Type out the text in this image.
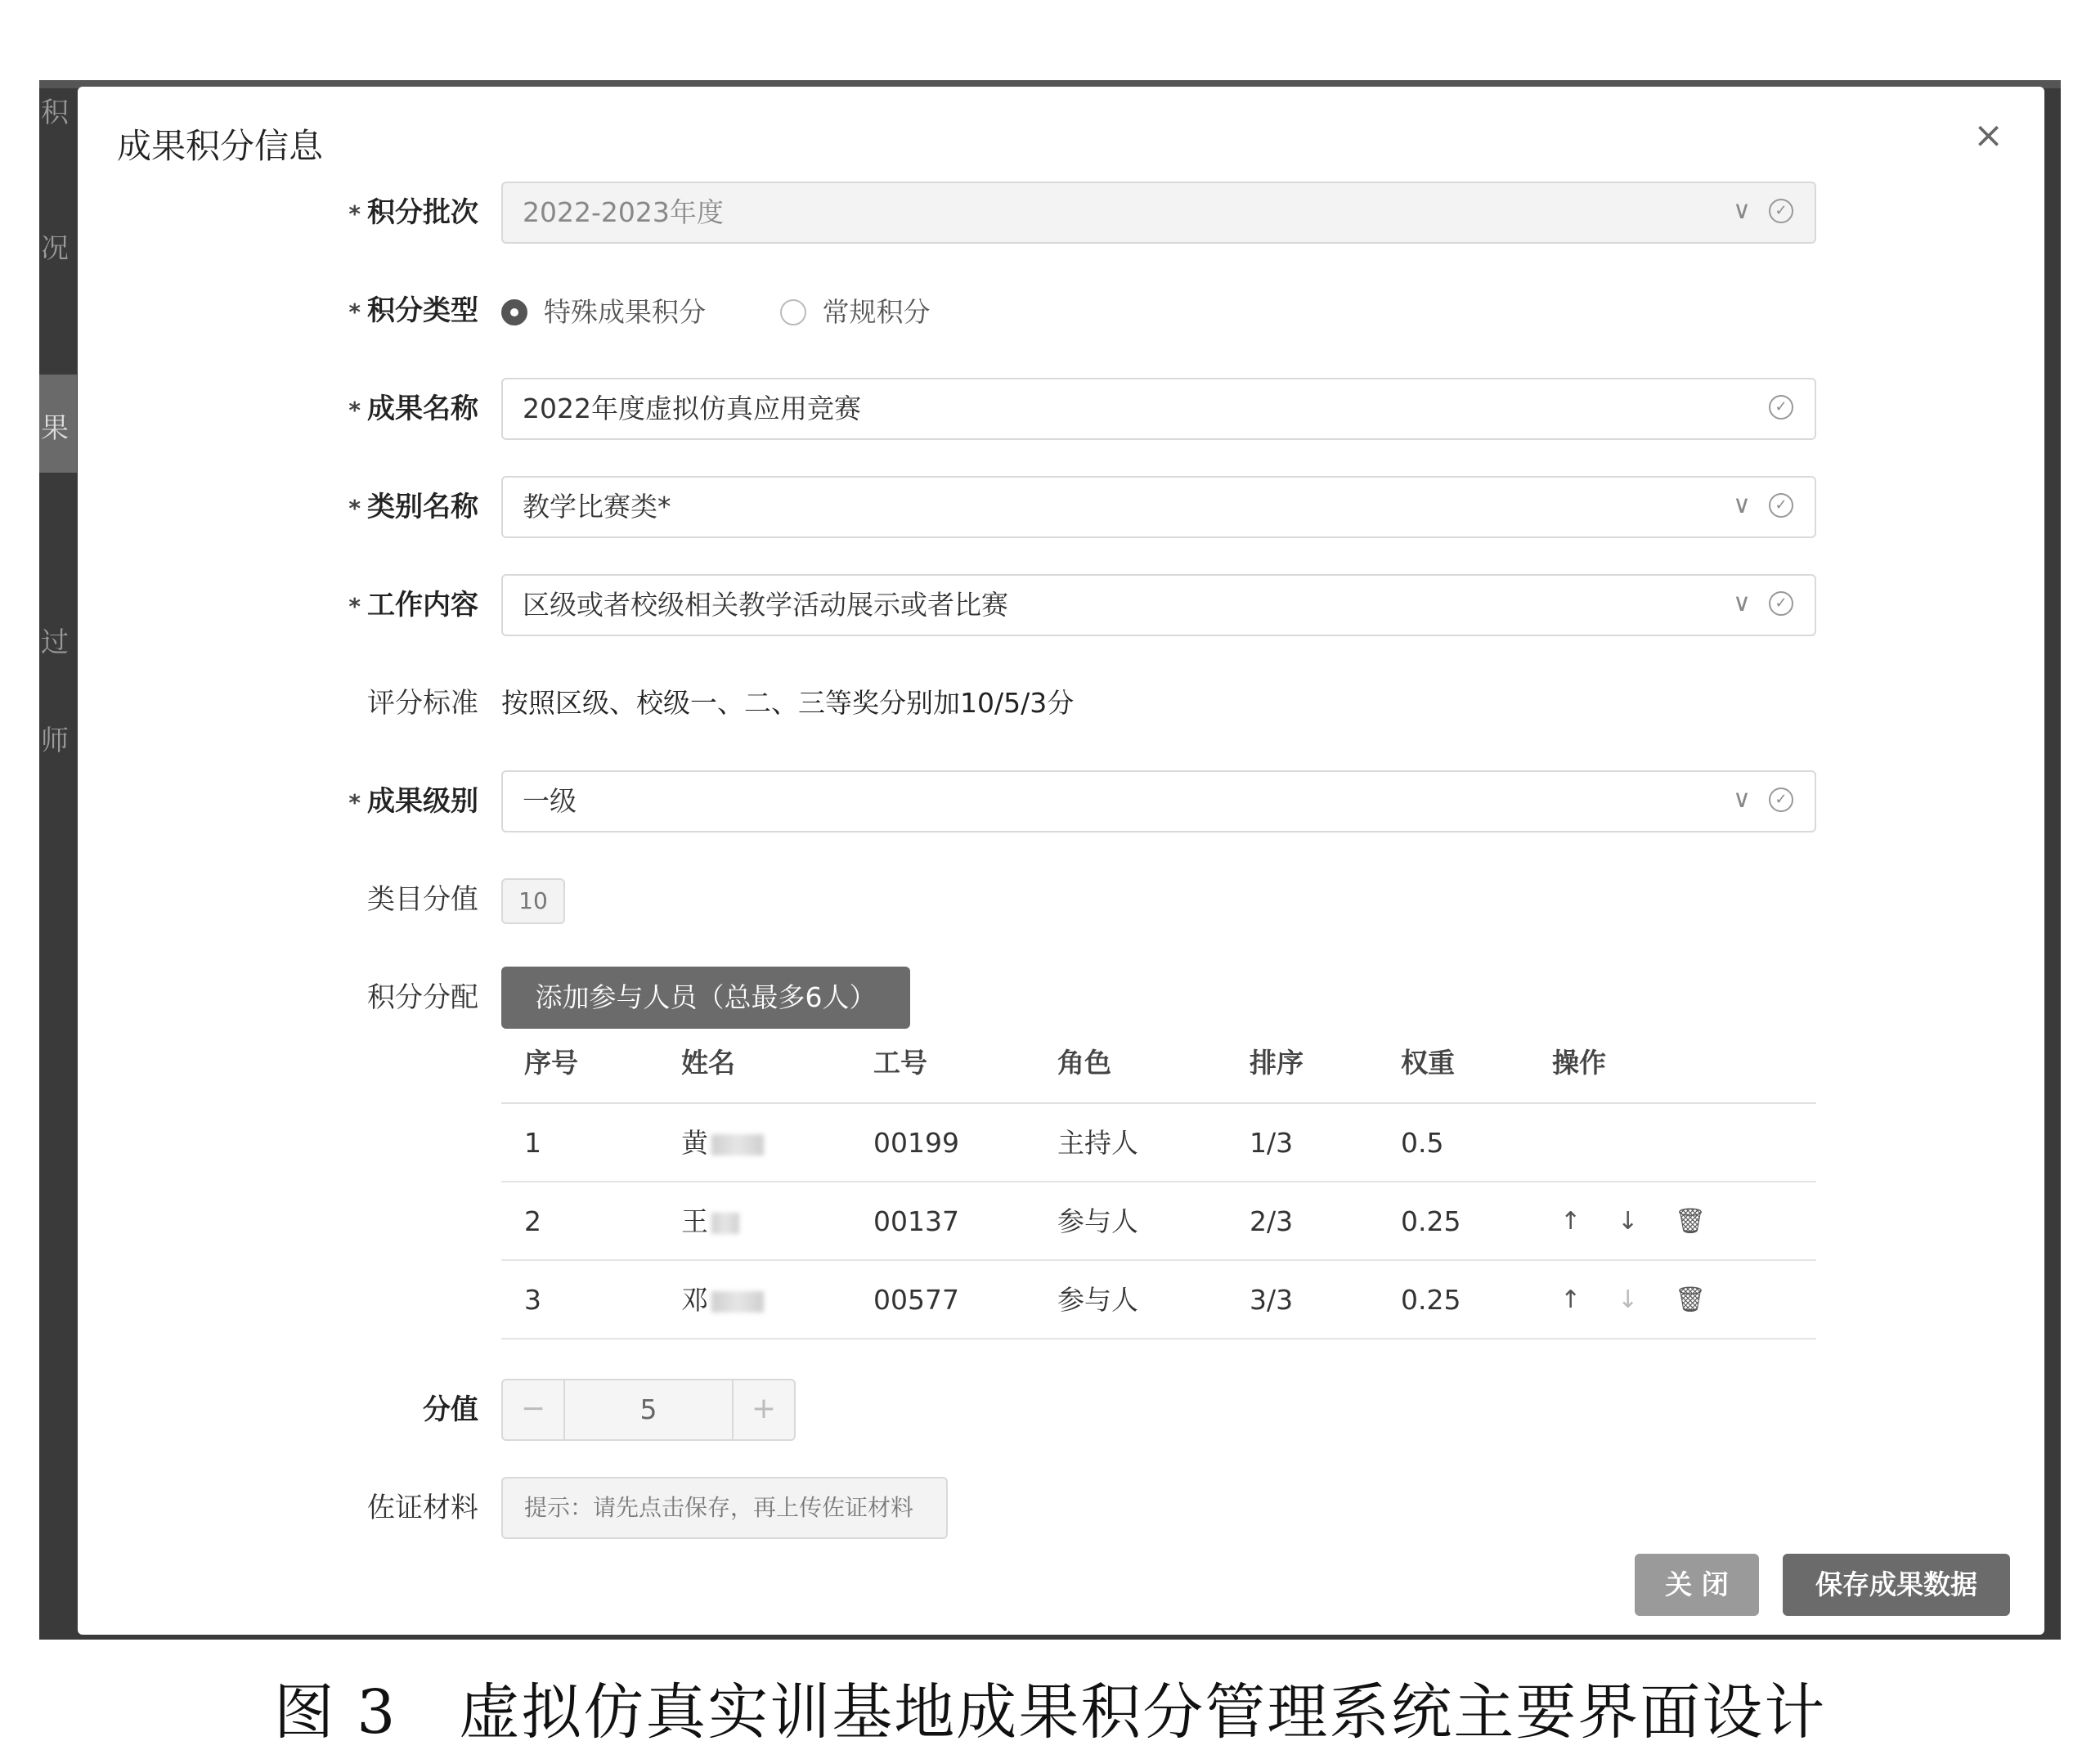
积
况
果
过
师
成果积分信息	×
* 积分批次 2022-2023年度	∨	✓
* 积分类型	特殊成果积分	常规积分
* 成果名称 2022年度虚拟仿真应用竞赛	✓
* 类别名称 教学比赛类*	∨	✓
* 工作内容 区级或者校级相关教学活动展示或者比赛	∨	✓
评分标准 按照区级、校级一、二、三等奖分别加10/5/3分
* 成果级别 一级	∨	✓
类目分值	10
积分分配	添加参与人员（总最多6人）
序号	姓名	工号	角色	排序	权重	操作
1	黄	00199	主持人	1/3	0.5
2	王	00137	参与人	2/3	0.25	↑ ↓ 🗑
3	邓	00577	参与人	3/3	0.25	↑ ↓ 🗑
分值	−	5	+
佐证材料	提示：请先点击保存，再上传佐证材料
关 闭	保存成果数据
图 3　虚拟仿真实训基地成果积分管理系统主要界面设计
